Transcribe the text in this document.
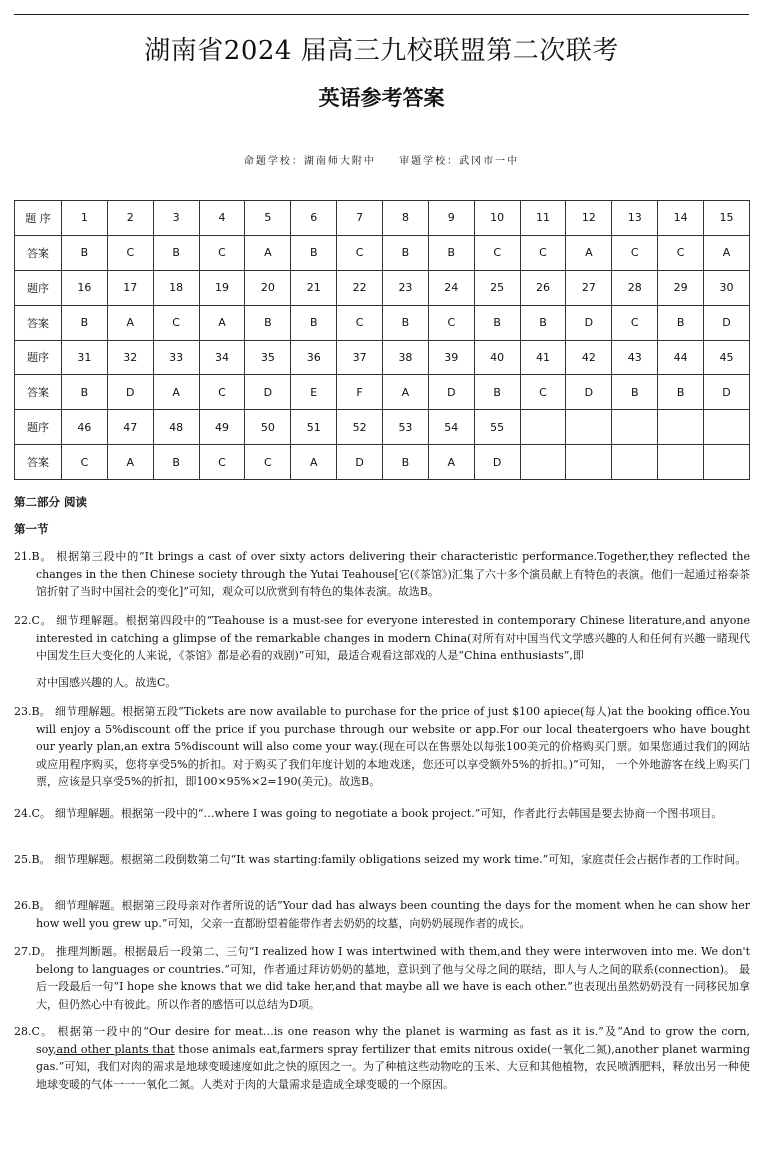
湖南省2024 届高三九校联盟第二次联考
英语参考答案
命题学校：湖南师大附中 审题学校：武冈市一中
题 序	1	2	3	4	5	6	7	8	9	10	11	12	13	14	15
答案	B	C	B	C	A	B	C	B	B	C	C	A	C	C	A
题序	16	17	18	19	20	21	22	23	24	25	26	27	28	29	30
答案	B	A	C	A	B	B	C	B	C	B	B	D	C	B	D
题序	31	32	33	34	35	36	37	38	39	40	41	42	43	44	45
答案	B	D	A	C	D	E	F	A	D	B	C	D	B	B	D
题序	46	47	48	49	50	51	52	53	54	55					
答案	C	A	B	C	C	A	D	B	A	D					
第二部分 阅读
第一节

21.B。 根据第三段中的“It brings a cast of over sixty actors delivering their characteristic performance.Together,they reflected the changes in the then Chinese society through the Yutai Teahouse[它(《茶馆》)汇集了六十多个演员献上有特色的表演。他们一起通过裕泰茶馆折射了当时中国社会的变化]”可知，观众可以欣赏到有特色的集体表演。故选B。

22.C。 细节理解题。根据第四段中的“Teahouse is a must-see for everyone interested in contemporary Chinese literature,and anyone interested in catching a glimpse of the remarkable changes in modern China(对所有对中国当代文学感兴趣的人和任何有兴趣一睹现代中国发生巨大变化的人来说，《茶馆》都是必看的戏剧)”可知，最适合观看这部戏的人是“China enthusiasts”,即

对中国感兴趣的人。故选C。

23.B。 细节理解题。根据第五段“Tickets are now available to purchase for the price of just $100 apiece(每人)at the booking office.You will enjoy a 5%discount off the price if you purchase through our website or app.For our local theatergoers who have bought our yearly plan,an extra 5%discount will also come your way.(现在可以在售票处以每张100美元的价格购买门票。如果您通过我们的网站或应用程序购买，您将享受5%的折扣。对于购买了我们年度计划的本地戏迷，您还可以享受额外5%的折扣。)”可知， 一个外地游客在线上购买门票，应该是只享受5%的折扣，即100×95%×2=190(美元)。故选B。

24.C。 细节理解题。根据第一段中的“…where I was going to negotiate a book project.”可知，作者此行去韩国是要去协商一个图书项目。

25.B。 细节理解题。根据第二段倒数第二句“It was starting:family obligations seized my work time.”可知，家庭责任会占据作者的工作时间。

26.B。 细节理解题。根据第三段母亲对作者所说的话“Your dad has always been counting the days for the moment when he can show her how well you grew up.”可知，父亲一直都盼望着能带作者去奶奶的坟墓，向奶奶展现作者的成长。

27.D。 推理判断题。根据最后一段第二、三句“I realized how I was intertwined with them,and they were interwoven into me. We don't belong to languages or countries.”可知，作者通过拜访奶奶的墓地，意识到了他与父母之间的联结，即人与人之间的联系(connection)。 最后一段最后一句“I hope she knows that we did take her,and that maybe all we have is each other.”也表现出虽然奶奶没有一同移民加拿大，但仍然心中有彼此。所以作者的感悟可以总结为D项。

28.C。 根据第一段中的“Our desire for meat…is one reason why the planet is warming as fast as it is.”及“And to grow the corn, soy,and other plants that those animals eat,farmers spray fertilizer that emits nitrous oxide(一氧化二氮),another planet warming gas.”可知，我们对肉的需求是地球变暖速度如此之快的原因之一。为了种植这些动物吃的玉米、大豆和其他植物，农民喷洒肥料，释放出另一种使地球变暖的气体一一一氧化二氮。人类对于肉的大量需求是造成全球变暖的一个原因。
